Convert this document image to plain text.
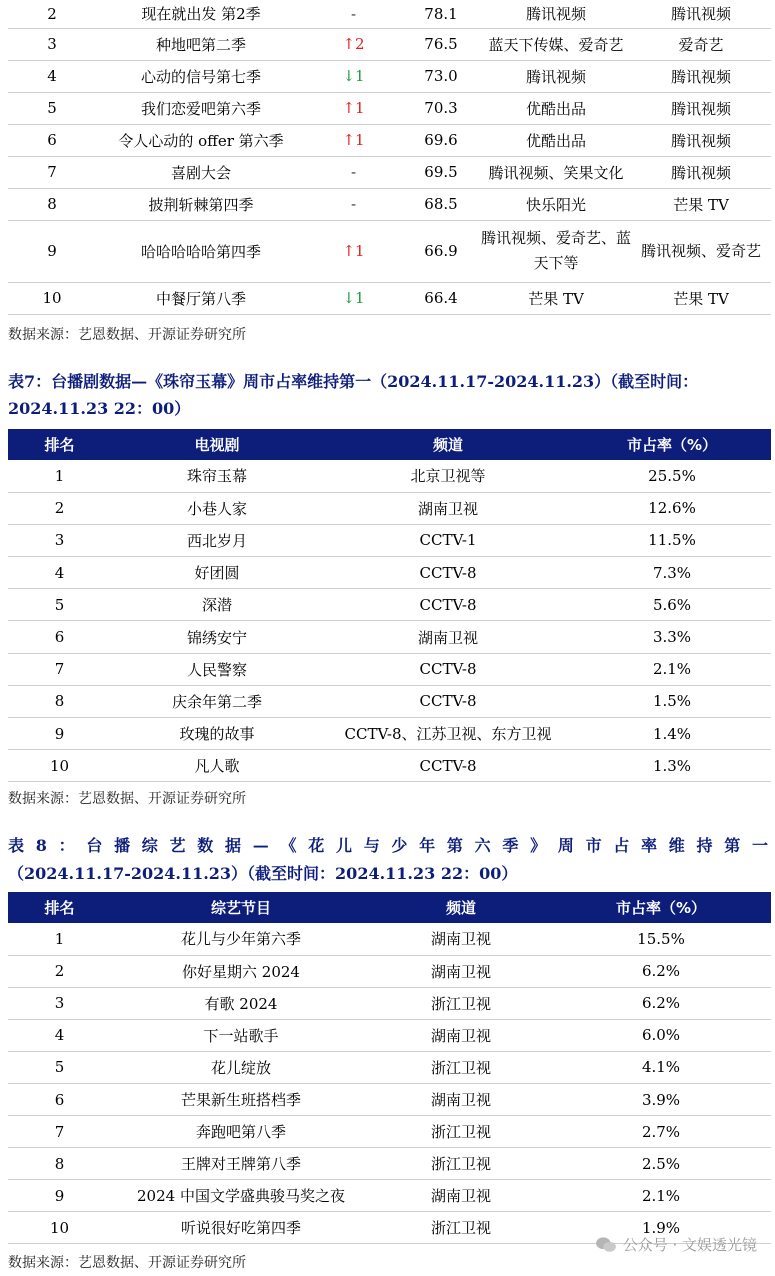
2	现在就出发 第2季	-	78.1	腾讯视频	腾讯视频
3	种地吧第二季	↑2	76.5	蓝天下传媒、爱奇艺	爱奇艺
4	心动的信号第七季	↓1	73.0	腾讯视频	腾讯视频
5	我们恋爱吧第六季	↑1	70.3	优酷出品	腾讯视频
6	令人心动的 offer 第六季	↑1	69.6	优酷出品	腾讯视频
7	喜剧大会	-	69.5	腾讯视频、笑果文化	腾讯视频
8	披荆斩棘第四季	-	68.5	快乐阳光	芒果 TV
9	哈哈哈哈哈第四季	↑1	66.9	腾讯视频、爱奇艺、蓝天下等	腾讯视频、爱奇艺
10	中餐厅第八季	↓1	66.4	芒果 TV	芒果 TV
数据来源：艺恩数据、开源证券研究所
表7：台播剧数据—《珠帘玉幕》周市占率维持第一（2024.11.17-2024.11.23）（截至时间：2024.11.23 22：00）
排名	电视剧	频道	市占率（%）
1	珠帘玉幕	北京卫视等	25.5%
2	小巷人家	湖南卫视	12.6%
3	西北岁月	CCTV-1	11.5%
4	好团圆	CCTV-8	7.3%
5	深潜	CCTV-8	5.6%
6	锦绣安宁	湖南卫视	3.3%
7	人民警察	CCTV-8	2.1%
8	庆余年第二季	CCTV-8	1.5%
9	玫瑰的故事	CCTV-8、江苏卫视、东方卫视	1.4%
10	凡人歌	CCTV-8	1.3%
数据来源：艺恩数据、开源证券研究所
表8：台播综艺数据—《花儿与少年第六季》周市占率维持第一
（2024.11.17-2024.11.23）（截至时间：2024.11.23 22：00）
排名	综艺节目	频道	市占率（%）
1	花儿与少年第六季	湖南卫视	15.5%
2	你好星期六 2024	湖南卫视	6.2%
3	有歌 2024	浙江卫视	6.2%
4	下一站歌手	湖南卫视	6.0%
5	花儿绽放	浙江卫视	4.1%
6	芒果新生班搭档季	湖南卫视	3.9%
7	奔跑吧第八季	浙江卫视	2.7%
8	王牌对王牌第八季	浙江卫视	2.5%
9	2024 中国文学盛典骏马奖之夜	湖南卫视	2.1%
10	听说很好吃第四季	浙江卫视	1.9%
数据来源：艺恩数据、开源证券研究所
公众号 · 文娱透光镜
